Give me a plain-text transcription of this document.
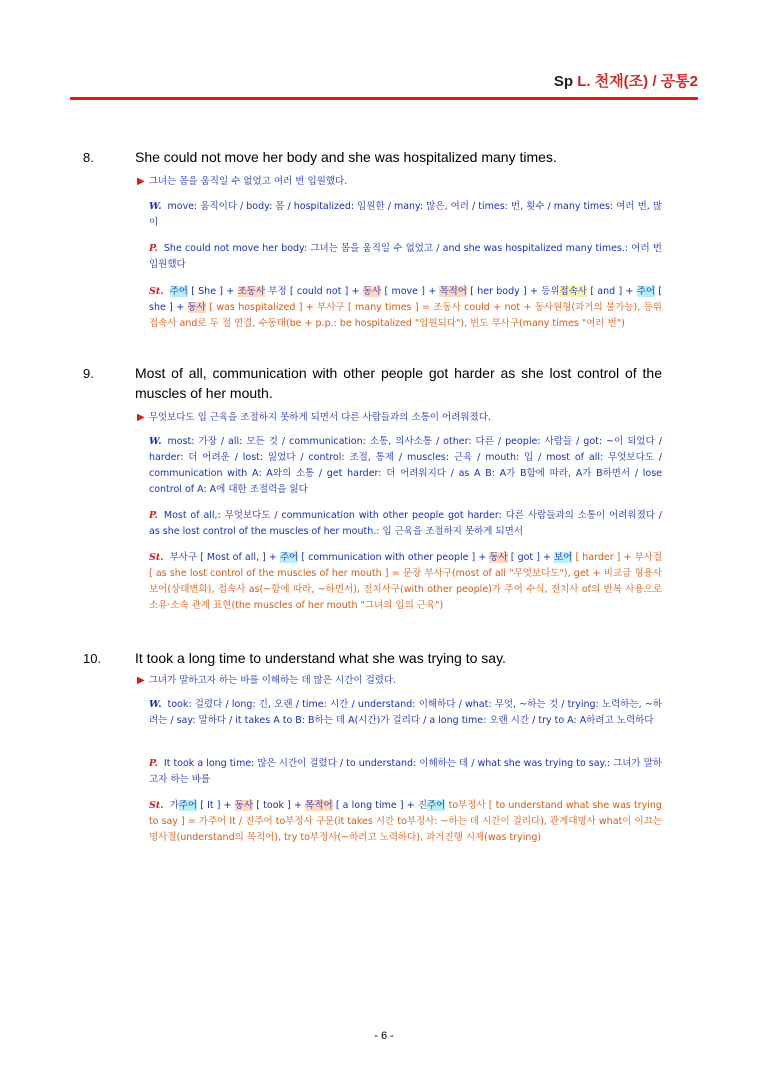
Sp L. 천재(조) / 공통2
8.	She could not move her body and she was hospitalized many times.
▶ 그녀는 몸을 움직일 수 없었고 여러 번 입원했다.
W. move: 움직이다 / body: 몸 / hospitalized: 입원한 / many: 많은, 여러 / times: 번, 횟수 / many times: 여러 번, 많이
P. She could not move her body: 그녀는 몸을 움직일 수 없었고 / and she was hospitalized many times.: 여러 번 입원했다
St. 주어 [ She ] + 조동사 부정 [ could not ] + 동사 [ move ] + 목적어 [ her body ] + 등위접속사 [ and ] + 주어 [ she ] + 동사 [ was hospitalized ] + 부사구 [ many times ] = 조동사 could + not + 동사원형(과거의 불가능), 등위접속사 and로 두 절 연결, 수동태(be + p.p.: be hospitalized "입원되다"), 빈도 부사구(many times "여러 번")
9.	Most of all, communication with other people got harder as she lost control of the muscles of her mouth.
▶ 무엇보다도 입 근육을 조절하지 못하게 되면서 다른 사람들과의 소통이 어려워졌다.
W. most: 가장 / all: 모든 것 / communication: 소통, 의사소통 / other: 다른 / people: 사람들 / got: ~이 되었다 / harder: 더 어려운 / lost: 잃었다 / control: 조절, 통제 / muscles: 근육 / mouth: 입 / most of all: 무엇보다도 / communication with A: A와의 소통 / get harder: 더 어려워지다 / as A B: A가 B함에 따라, A가 B하면서 / lose control of A: A에 대한 조절력을 잃다
P. Most of all,: 무엇보다도 / communication with other people got harder: 다른 사람들과의 소통이 어려워졌다 / as she lost control of the muscles of her mouth.: 입 근육을 조절하지 못하게 되면서
St. 부사구 [ Most of all, ] + 주어 [ communication with other people ] + 동사 [ got ] + 보어 [ harder ] + 부사절 [ as she lost control of the muscles of her mouth ] = 문장 부사구(most of all "무엇보다도"), get + 비교급 형용사 보어(상태변화), 접속사 as(~함에 따라, ~하면서), 전치사구(with other people)가 주어 수식, 전치사 of의 반복 사용으로 소유·소속 관계 표현(the muscles of her mouth "그녀의 입의 근육")
10. It took a long time to understand what she was trying to say.
▶ 그녀가 말하고자 하는 바를 이해하는 데 많은 시간이 걸렸다.
W. took: 걸렸다 / long: 긴, 오랜 / time: 시간 / understand: 이해하다 / what: 무엇, ~하는 것 / trying: 노력하는, ~하려는 / say: 말하다 / it takes A to B: B하는 데 A(시간)가 걸리다 / a long time: 오랜 시간 / try to A: A하려고 노력하다
P. It took a long time: 많은 시간이 걸렸다 / to understand: 이해하는 데 / what she was trying to say.: 그녀가 말하고자 하는 바를
St. 가주어 [ It ] + 동사 [ took ] + 목적어 [ a long time ] + 진주어 to부정사 [ to understand what she was trying to say ] = 가주어 It / 진주어 to부정사 구문(it takes 시간 to부정사: ~하는 데 시간이 걸리다), 관계대명사 what이 이끄는 명사절(understand의 목적어), try to부정사(~하려고 노력하다), 과거진행 시제(was trying)
- 6 -
